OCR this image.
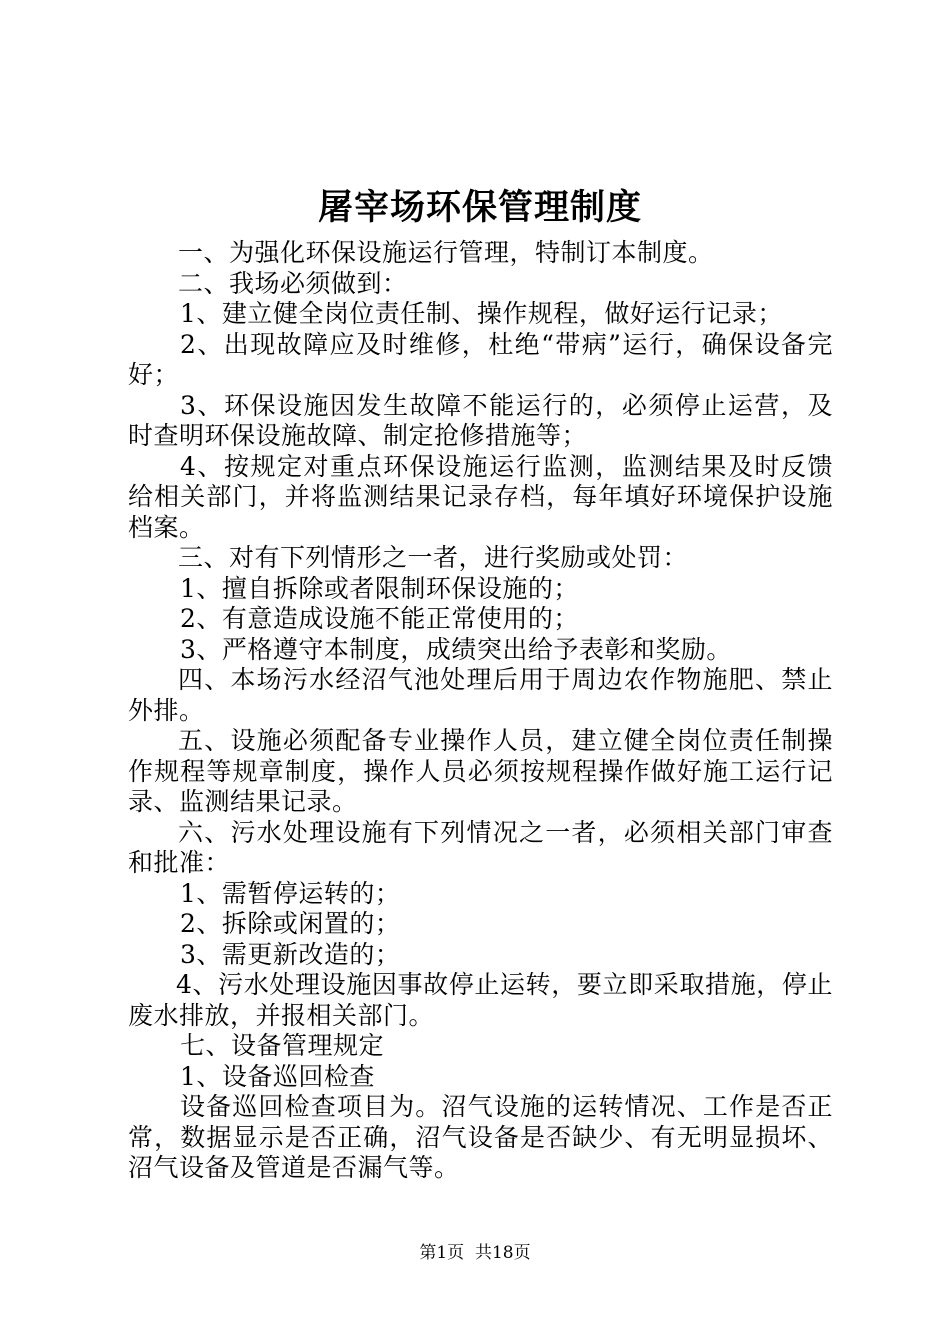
屠宰场环保管理制度

一、为强化环保设施运行管理，特制订本制度。

二、我场必须做到：

1、建立健全岗位责任制、操作规程，做好运行记录；

2、出现故障应及时维修，杜绝“带病”运行，确保设备完好；

3、环保设施因发生故障不能运行的，必须停止运营，及时查明环保设施故障、制定抢修措施等；

4、按规定对重点环保设施运行监测，监测结果及时反馈给相关部门，并将监测结果记录存档，每年填好环境保护设施档案。

三、对有下列情形之一者，进行奖励或处罚：

1、擅自拆除或者限制环保设施的；

2、有意造成设施不能正常使用的；

3、严格遵守本制度，成绩突出给予表彰和奖励。

四、本场污水经沼气池处理后用于周边农作物施肥、禁止外排。

五、设施必须配备专业操作人员，建立健全岗位责任制操作规程等规章制度，操作人员必须按规程操作做好施工运行记录、监测结果记录。

六、污水处理设施有下列情况之一者，必须相关部门审查和批准：

1、需暂停运转的；

2、拆除或闲置的；

3、需更新改造的；

4、污水处理设施因事故停止运转，要立即采取措施，停止废水排放，并报相关部门。

七、设备管理规定

1、设备巡回检查

设备巡回检查项目为。沼气设施的运转情况、工作是否正常，数据显示是否正确，沼气设备是否缺少、有无明显损坏、沼气设备及管道是否漏气等。

第1页  共18页
